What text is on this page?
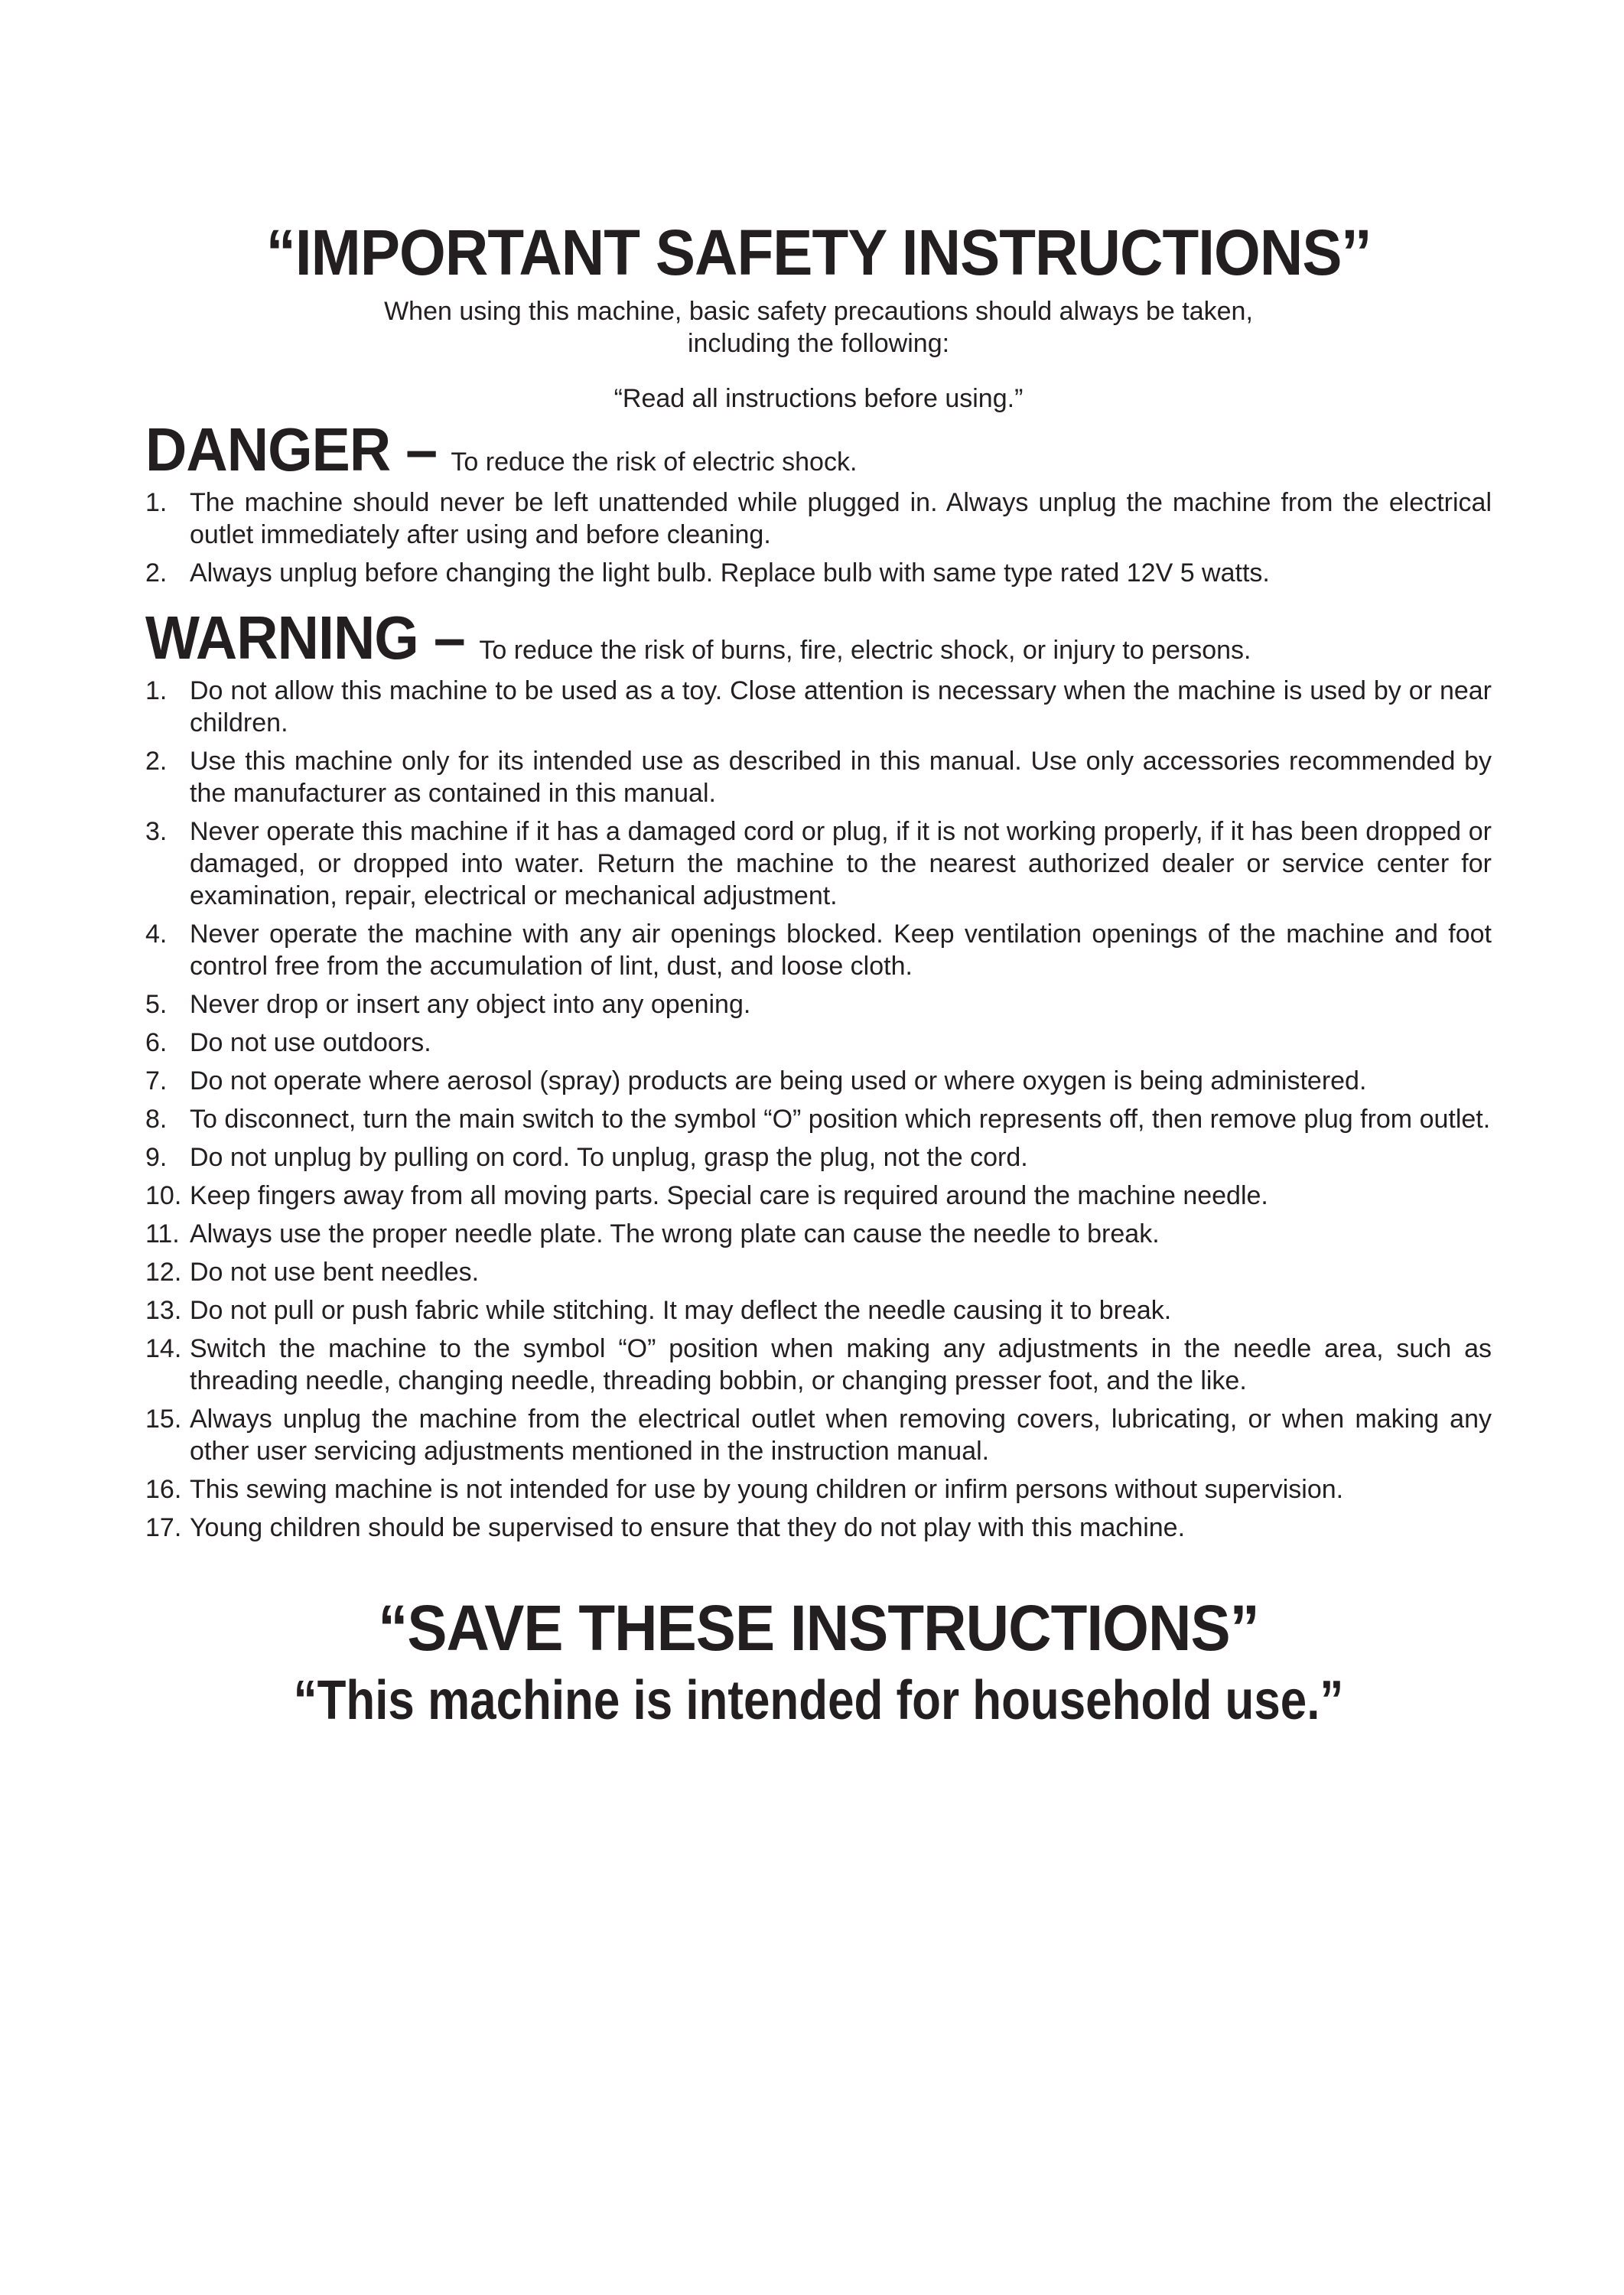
“IMPORTANT SAFETY INSTRUCTIONS’’

When using this machine, basic safety precautions should always be taken,

including the following:

“Read all instructions before using.”

DANGER – To reduce the risk of electric shock.
1. The machine should never be left unattended while plugged in. Always unplug the machine from the electrical outlet immediately after using and before cleaning.
2. Always unplug before changing the light bulb. Replace bulb with same type rated 12V 5 watts.
WARNING – To reduce the risk of burns, fire, electric shock, or injury to persons.
1. Do not allow this machine to be used as a toy. Close attention is necessary when the machine is used by or near children.
2. Use this machine only for its intended use as described in this manual. Use only accessories recommended by the manufacturer as contained in this manual.
3. Never operate this machine if it has a damaged cord or plug, if it is not working properly, if it has been dropped or damaged, or dropped into water. Return the machine to the nearest authorized dealer or service center for examination, repair, electrical or mechanical adjustment.
4. Never operate the machine with any air openings blocked. Keep ventilation openings of the machine and foot control free from the accumulation of lint, dust, and loose cloth.
5. Never drop or insert any object into any opening.
6. Do not use outdoors.
7. Do not operate where aerosol (spray) products are being used or where oxygen is being administered.
8. To disconnect, turn the main switch to the symbol “O” position which represents off, then remove plug from outlet.
9. Do not unplug by pulling on cord. To unplug, grasp the plug, not the cord.
10. Keep fingers away from all moving parts. Special care is required around the machine needle.
11. Always use the proper needle plate. The wrong plate can cause the needle to break.
12. Do not use bent needles.
13. Do not pull or push fabric while stitching. It may deflect the needle causing it to break.
14. Switch the machine to the symbol “O” position when making any adjustments in the needle area, such as threading needle, changing needle, threading bobbin, or changing presser foot, and the like.
15. Always unplug the machine from the electrical outlet when removing covers, lubricating, or when making any other user servicing adjustments mentioned in the instruction manual.
16. This sewing machine is not intended for use by young children or infirm persons without supervision.
17. Young children should be supervised to ensure that they do not play with this machine.
“SAVE THESE INSTRUCTIONS”
“This machine is intended for household use.”
